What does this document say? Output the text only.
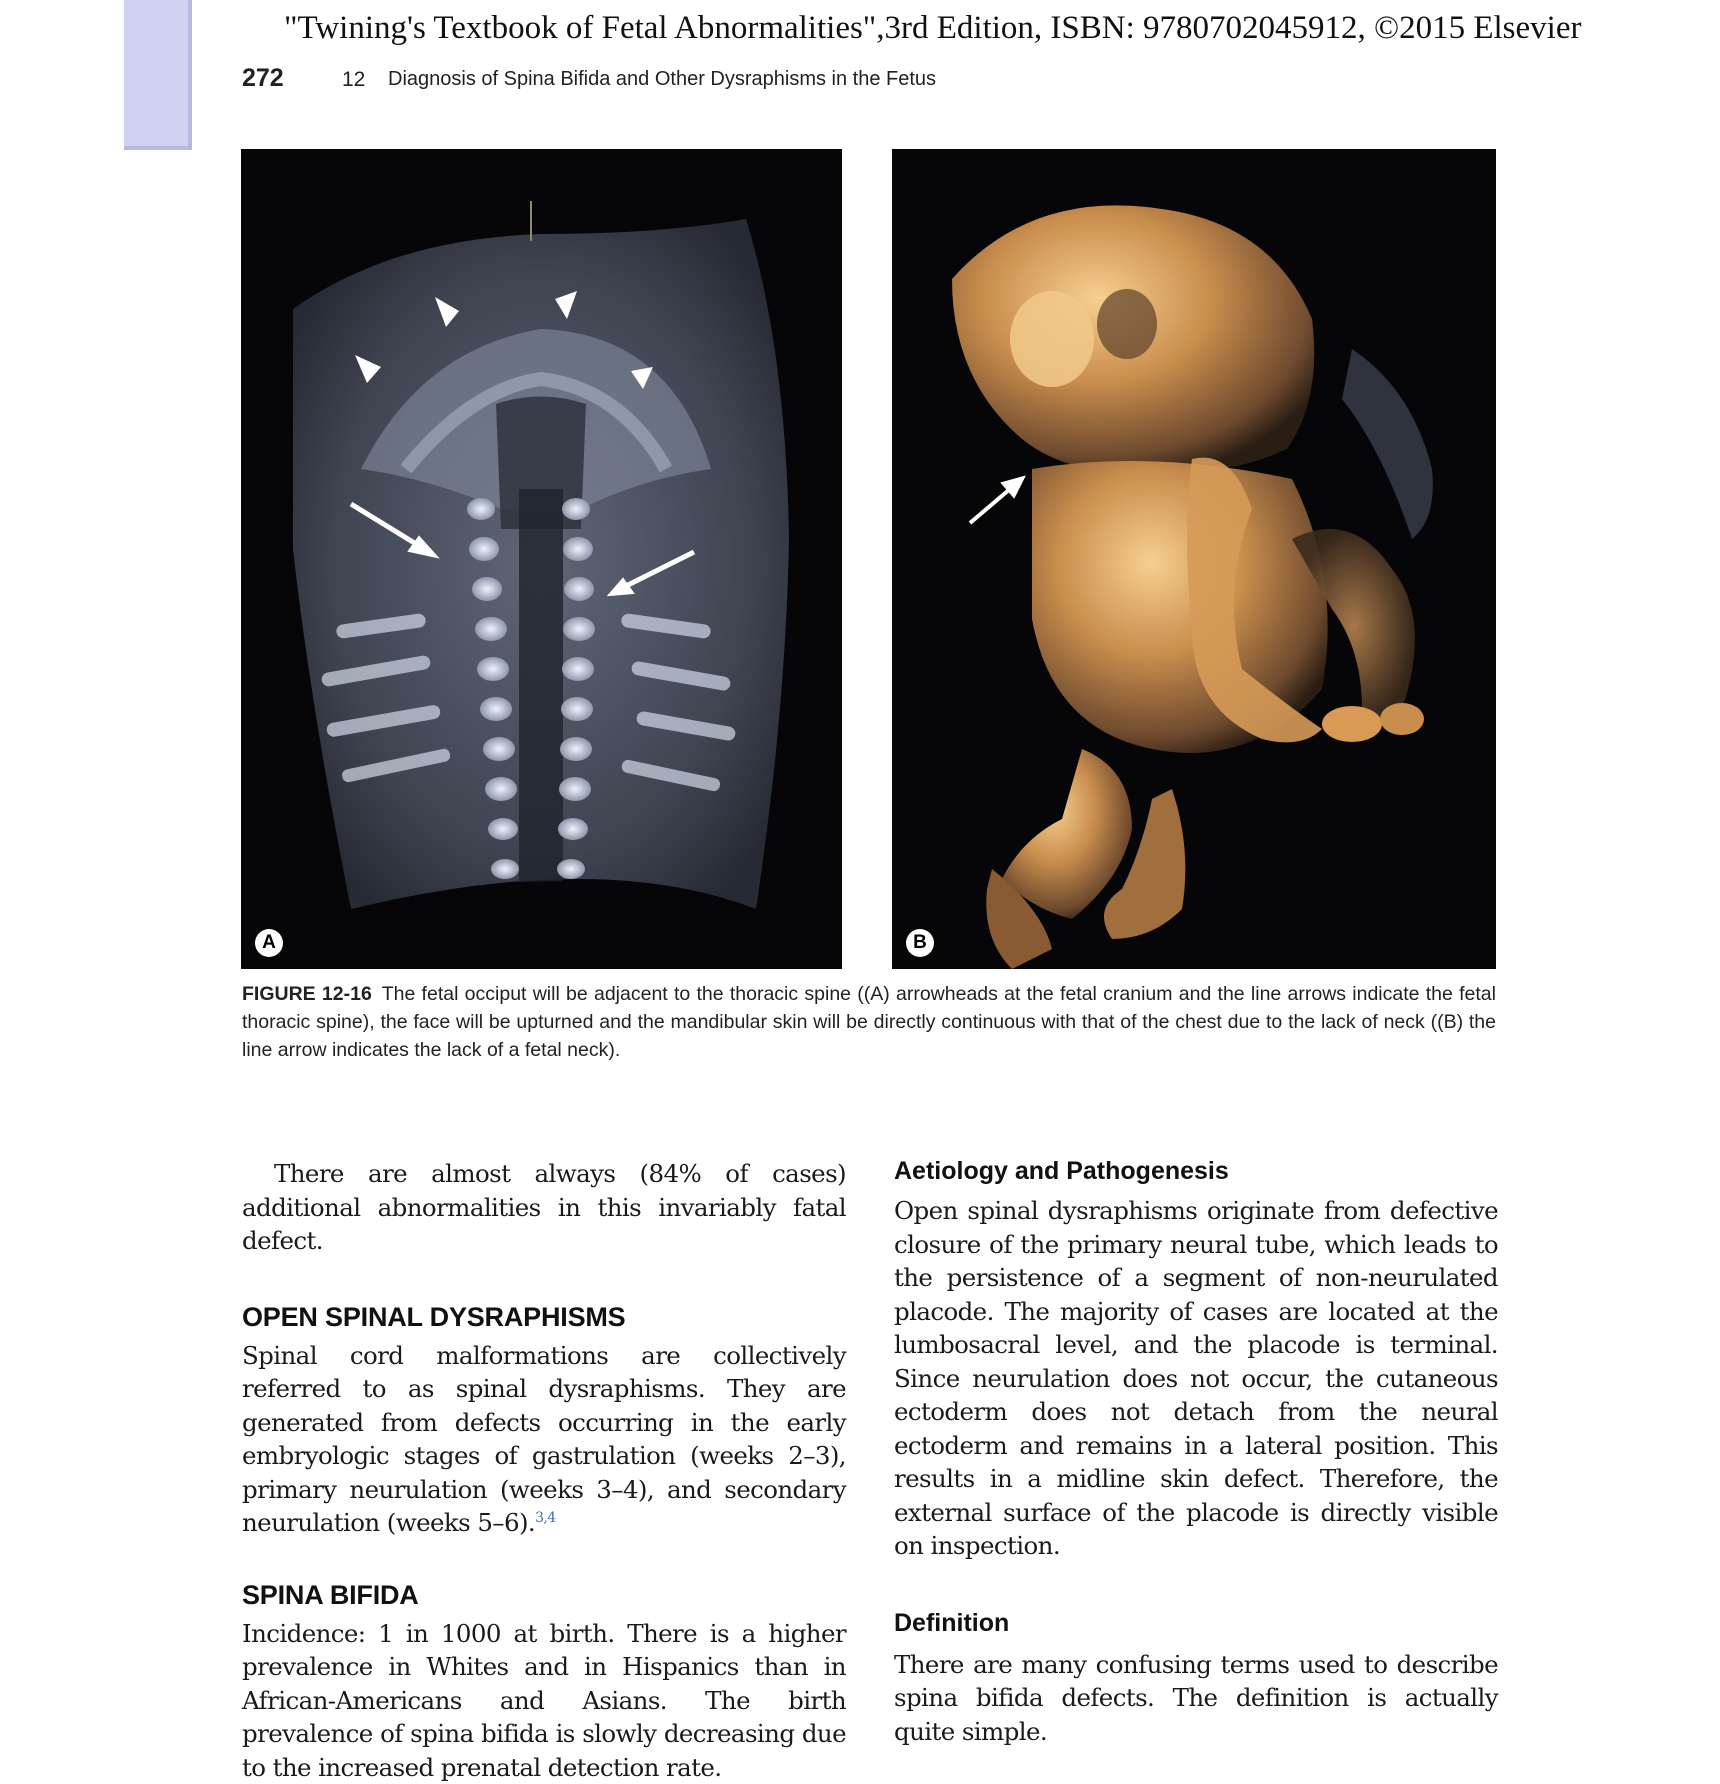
"Twining's Textbook of Fetal Abnormalities",3rd Edition, ISBN: 9780702045912, ©2015 Elsevier
272	12 Diagnosis of Spina Bifida and Other Dysraphisms in the Fetus
A	B
FIGURE 12-16 The fetal occiput will be adjacent to the thoracic spine ((A) arrowheads at the fetal cranium and the line arrows indicate the fetal thoracic spine), the face will be upturned and the mandibular skin will be directly continuous with that of the chest due to the lack of neck ((B) the line arrow indicates the lack of a fetal neck).

There are almost always (84% of cases) additional abnormalities in this invariably fatal defect.

OPEN SPINAL DYSRAPHISMS

Spinal cord malformations are collectively referred to as spinal dysraphisms. They are generated from defects occurring in the early embryologic stages of gastrulation (weeks 2–3), primary neurulation (weeks 3–4), and secondary neurulation (weeks 5–6).$^{3,4}$

SPINA BIFIDA

Incidence: 1 in 1000 at birth. There is a higher prevalence in Whites and in Hispanics than in African-Americans and Asians. The birth prevalence of spina bifida is slowly decreasing due to the increased prenatal detection rate.

Aetiology and Pathogenesis

Open spinal dysraphisms originate from defective closure of the primary neural tube, which leads to the persistence of a segment of non-neurulated placode. The majority of cases are located at the lumbosacral level, and the placode is terminal. Since neurulation does not occur, the cutaneous ectoderm does not detach from the neural ectoderm and remains in a lateral position. This results in a midline skin defect. Therefore, the external surface of the placode is directly visible on inspection.

Definition

There are many confusing terms used to describe spina bifida defects. The definition is actually quite simple.
